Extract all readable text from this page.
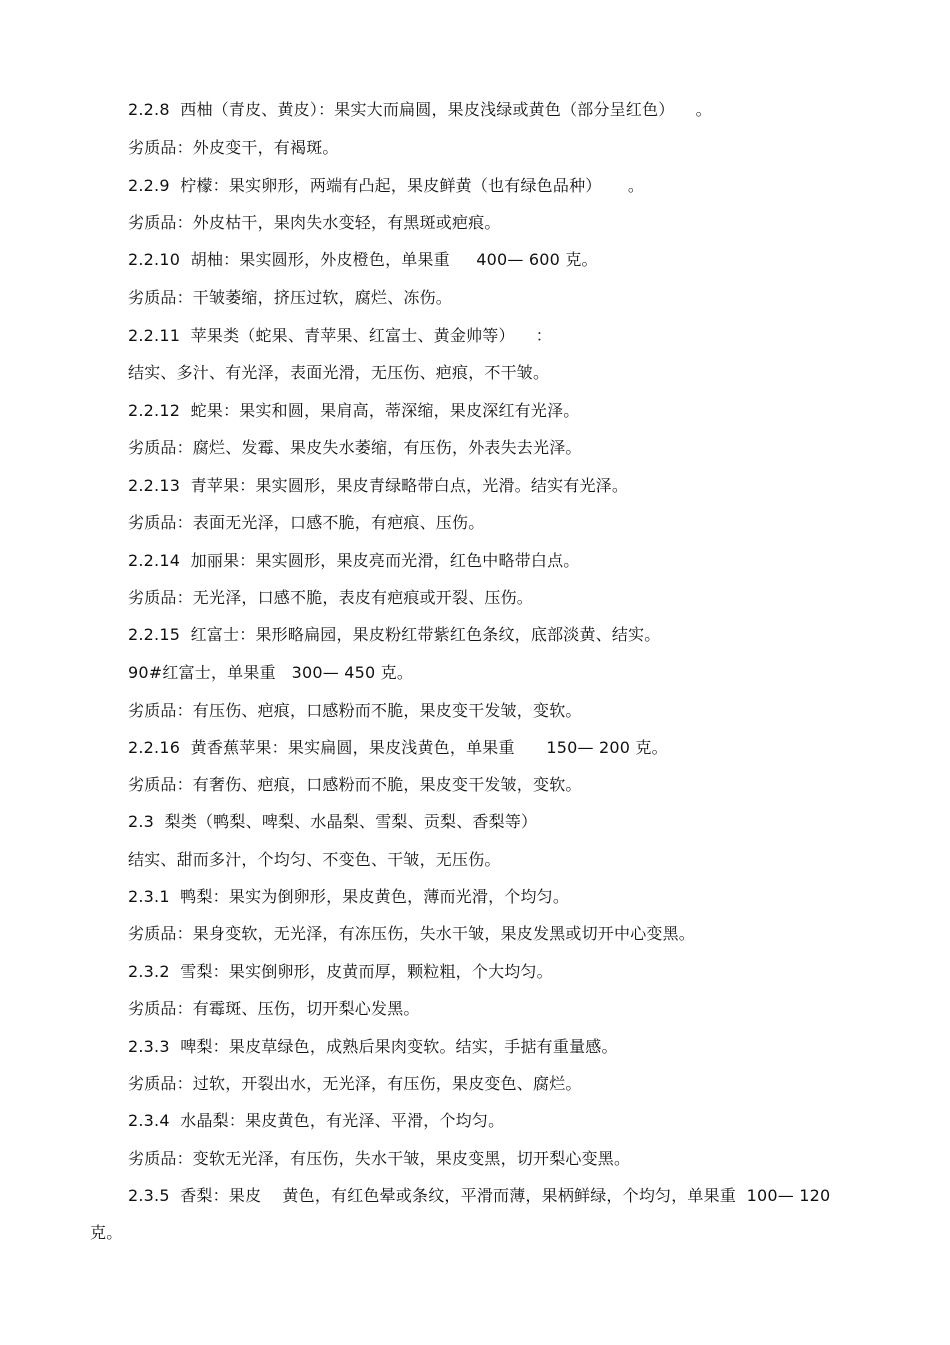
2.2.8  西柚（青皮、黄皮）：果实大而扁圆，果皮浅绿或黄色（部分呈红色）    。
劣质品：外皮变干，有褐斑。
2.2.9  柠檬：果实卵形，两端有凸起，果皮鲜黄（也有绿色品种）     。
劣质品：外皮枯干，果肉失水变轻，有黑斑或疤痕。
2.2.10  胡柚：果实圆形，外皮橙色，单果重     400— 600 克。
劣质品：干皱萎缩，挤压过软，腐烂、冻伤。
2.2.11  苹果类（蛇果、青苹果、红富士、黄金帅等）    ：
结实、多汁、有光泽，表面光滑，无压伤、疤痕，不干皱。
2.2.12  蛇果：果实和圆，果肩高，蒂深缩，果皮深红有光泽。
劣质品：腐烂、发霉、果皮失水萎缩，有压伤，外表失去光泽。
2.2.13  青苹果：果实圆形，果皮青绿略带白点，光滑。结实有光泽。
劣质品：表面无光泽，口感不脆，有疤痕、压伤。
2.2.14  加丽果：果实圆形，果皮亮而光滑，红色中略带白点。
劣质品：无光泽，口感不脆，表皮有疤痕或开裂、压伤。
2.2.15  红富士：果形略扁园，果皮粉红带紫红色条纹，底部淡黄、结实。
90#红富士，单果重   300— 450 克。
劣质品：有压伤、疤痕，口感粉而不脆，果皮变干发皱，变软。
2.2.16  黄香蕉苹果：果实扁圆，果皮浅黄色，单果重      150— 200 克。
劣质品：有奢伤、疤痕，口感粉而不脆，果皮变干发皱，变软。
2.3  梨类（鸭梨、啤梨、水晶梨、雪梨、贡梨、香梨等）
结实、甜而多汁，个均匀、不变色、干皱，无压伤。
2.3.1  鸭梨：果实为倒卵形，果皮黄色，薄而光滑，个均匀。
劣质品：果身变软，无光泽，有冻压伤，失水干皱，果皮发黑或切开中心变黑。
2.3.2  雪梨：果实倒卵形，皮黄而厚，颗粒粗，个大均匀。
劣质品：有霉斑、压伤，切开梨心发黑。
2.3.3  啤梨：果皮草绿色，成熟后果肉变软。结实，手掂有重量感。
劣质品：过软，开裂出水，无光泽，有压伤，果皮变色、腐烂。
2.3.4  水晶梨：果皮黄色，有光泽、平滑，个均匀。
劣质品：变软无光泽，有压伤，失水干皱，果皮变黑，切开梨心变黑。
2.3.5  香梨：果皮    黄色，有红色晕或条纹，平滑而薄，果柄鲜绿，个均匀，单果重  100— 120
克。
